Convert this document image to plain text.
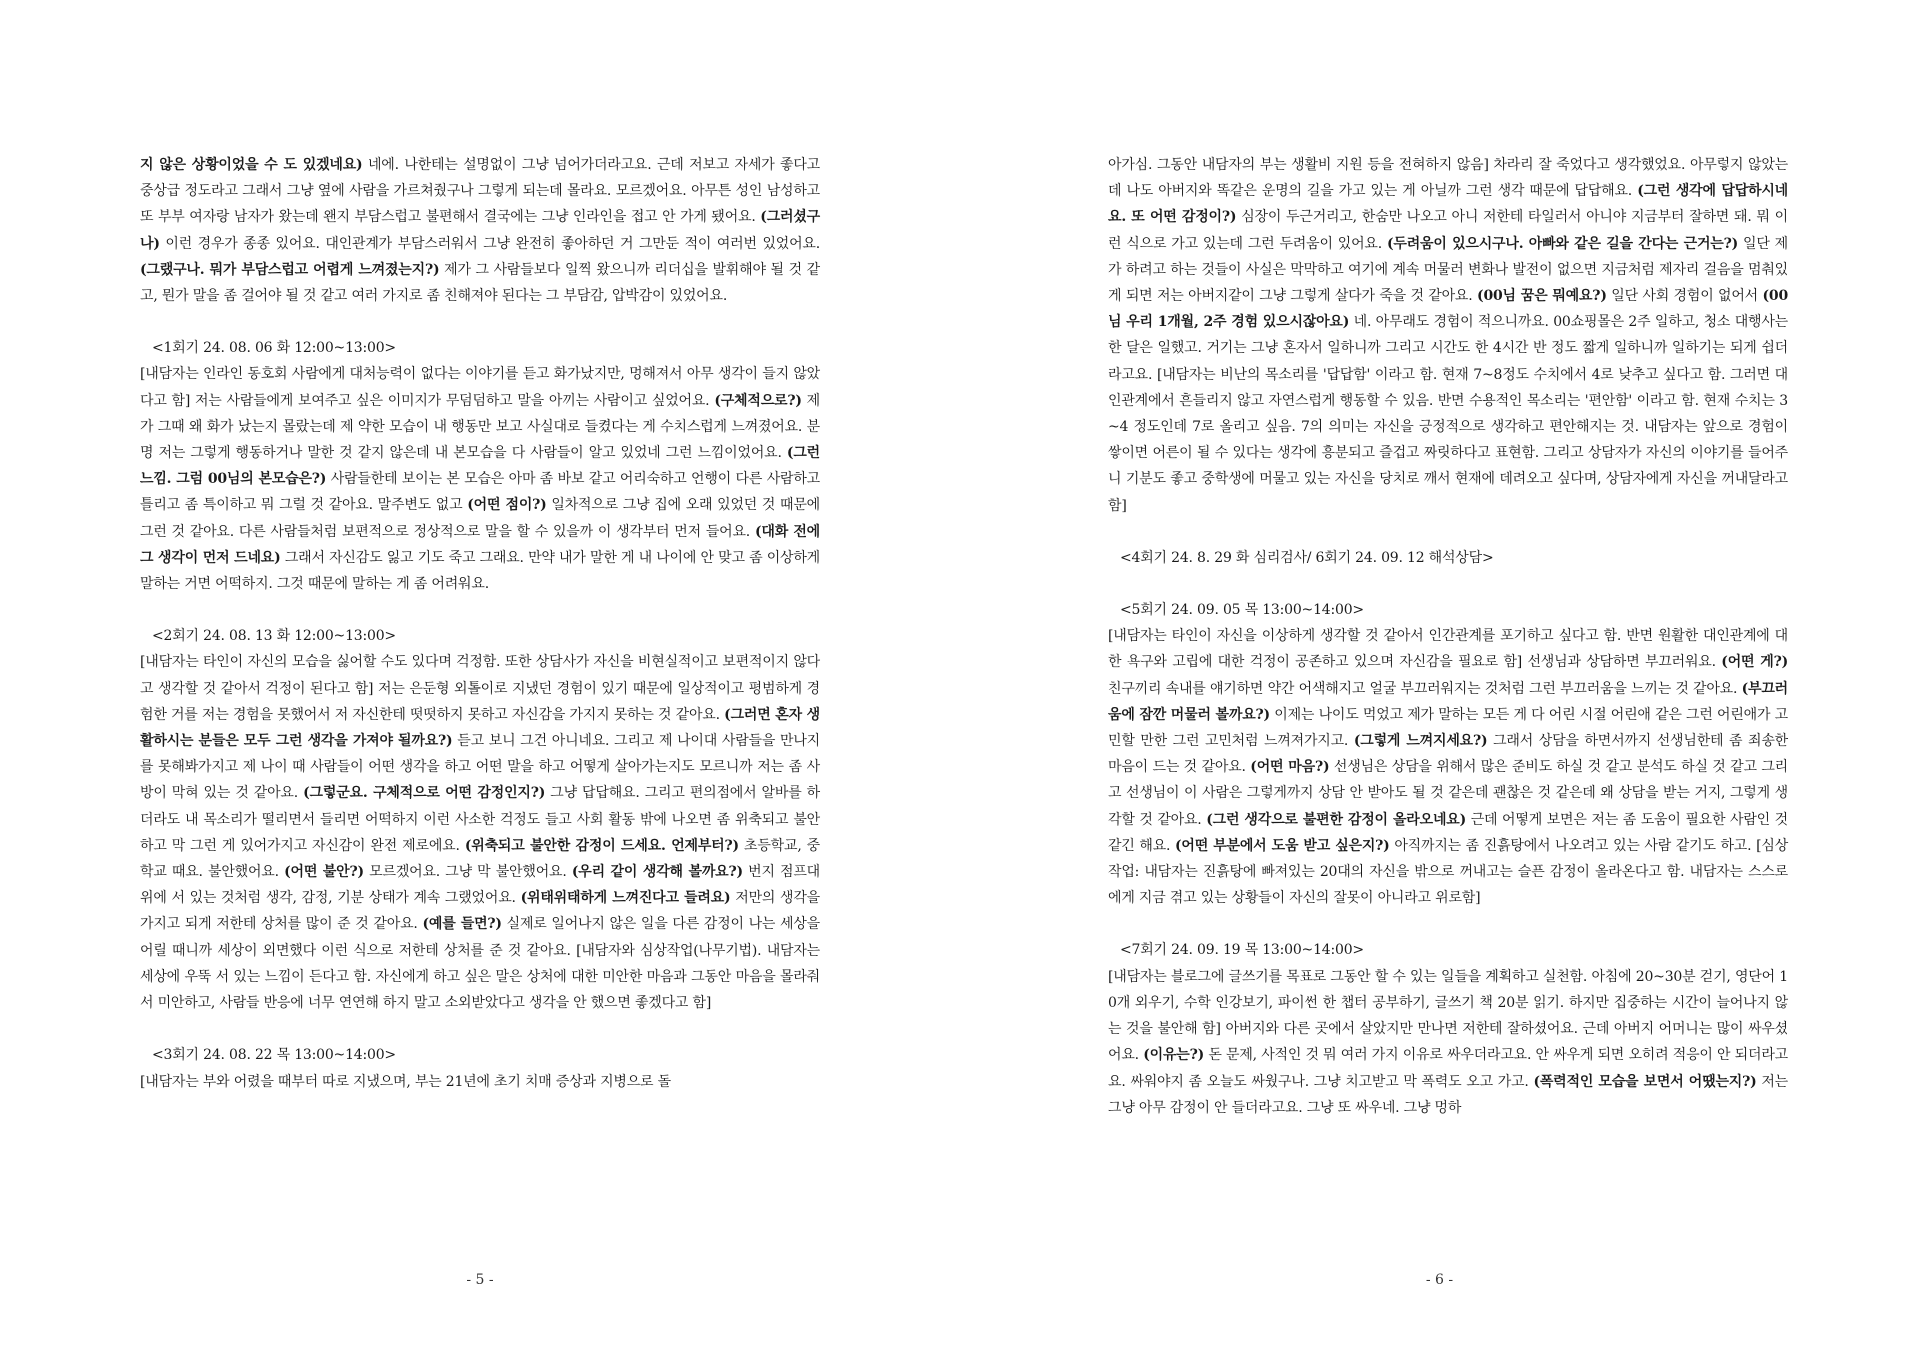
지 않은 상황이었을 수 도 있겠네요) 네에. 나한테는 설명없이 그냥 넘어가더라고요. 근데 저보고 자세가 좋다고 중상급 정도라고 그래서 그냥 옆에 사람을 가르쳐줬구나 그렇게 되는데 몰라요. 모르겠어요. 아무튼 성인 남성하고 또 부부 여자랑 남자가 왔는데 왠지 부담스럽고 불편해서 결국에는 그냥 인라인을 접고 안 가게 됐어요. (그러셨구나) 이런 경우가 종종 있어요. 대인관계가 부담스러워서 그냥 완전히 좋아하던 거 그만둔 적이 여러번 있었어요. (그랬구나. 뭐가 부담스럽고 어렵게 느껴졌는지?) 제가 그 사람들보다 일찍 왔으니까 리더십을 발휘해야 될 것 같고, 뭔가 말을 좀 걸어야 될 것 같고 여러 가지로 좀 친해져야 된다는 그 부담감, 압박감이 있었어요.

<1회기 24. 08. 06 화 12:00~13:00>

[내담자는 인라인 동호회 사람에게 대처능력이 없다는 이야기를 듣고 화가났지만, 멍해져서 아무 생각이 들지 않았다고 함] 저는 사람들에게 보여주고 싶은 이미지가 무덤덤하고 말을 아끼는 사람이고 싶었어요. (구체적으로?) 제가 그때 왜 화가 났는지 몰랐는데 제 약한 모습이 내 행동만 보고 사실대로 들켰다는 게 수치스럽게 느껴졌어요. 분명 저는 그렇게 행동하거나 말한 것 같지 않은데 내 본모습을 다 사람들이 알고 있었네 그런 느낌이었어요. (그런 느낌. 그럼 00님의 본모습은?) 사람들한테 보이는 본 모습은 아마 좀 바보 같고 어리숙하고 언행이 다른 사람하고 틀리고 좀 특이하고 뭐 그럴 것 같아요. 말주변도 없고 (어떤 점이?) 일차적으로 그냥 집에 오래 있었던 것 때문에 그런 것 같아요. 다른 사람들처럼 보편적으로 정상적으로 말을 할 수 있을까 이 생각부터 먼저 들어요. (대화 전에 그 생각이 먼저 드네요) 그래서 자신감도 잃고 기도 죽고 그래요. 만약 내가 말한 게 내 나이에 안 맞고 좀 이상하게 말하는 거면 어떡하지. 그것 때문에 말하는 게 좀 어려워요.

<2회기 24. 08. 13 화 12:00~13:00>

[내담자는 타인이 자신의 모습을 싫어할 수도 있다며 걱정함. 또한 상담사가 자신을 비현실적이고 보편적이지 않다고 생각할 것 같아서 걱정이 된다고 함] 저는 은둔형 외톨이로 지냈던 경험이 있기 때문에 일상적이고 평범하게 경험한 거를 저는 경험을 못했어서 저 자신한테 떳떳하지 못하고 자신감을 가지지 못하는 것 같아요. (그러면 혼자 생활하시는 분들은 모두 그런 생각을 가져야 될까요?) 듣고 보니 그건 아니네요. 그리고 제 나이대 사람들을 만나지를 못해봐가지고 제 나이 때 사람들이 어떤 생각을 하고 어떤 말을 하고 어떻게 살아가는지도 모르니까 저는 좀 사방이 막혀 있는 것 같아요. (그렇군요. 구체적으로 어떤 감정인지?) 그냥 답답해요. 그리고 편의점에서 알바를 하더라도 내 목소리가 떨리면서 들리면 어떡하지 이런 사소한 걱정도 들고 사회 활동 밖에 나오면 좀 위축되고 불안하고 막 그런 게 있어가지고 자신감이 완전 제로에요. (위축되고 불안한 감정이 드세요. 언제부터?) 초등학교, 중학교 때요. 불안했어요. (어떤 불안?) 모르겠어요. 그냥 막 불안했어요. (우리 같이 생각해 볼까요?) 번지 점프대 위에 서 있는 것처럼 생각, 감정, 기분 상태가 계속 그랬었어요. (위태위태하게 느껴진다고 들려요) 저만의 생각을 가지고 되게 저한테 상처를 많이 준 것 같아요. (예를 들면?) 실제로 일어나지 않은 일을 다른 감정이 나는 세상을 어릴 때니까 세상이 외면했다 이런 식으로 저한테 상처를 준 것 같아요. [내담자와 심상작업(나무기법). 내담자는 세상에 우뚝 서 있는 느낌이 든다고 함. 자신에게 하고 싶은 말은 상처에 대한 미안한 마음과 그동안 마음을 몰라줘서 미안하고, 사람들 반응에 너무 연연해 하지 말고 소외받았다고 생각을 안 했으면 좋겠다고 함]

<3회기 24. 08. 22 목 13:00~14:00>

[내담자는 부와 어렸을 때부터 따로 지냈으며, 부는 21년에 초기 치매 증상과 지병으로 돌

- 5 -

아가심. 그동안 내담자의 부는 생활비 지원 등을 전혀하지 않음] 차라리 잘 죽었다고 생각했었요. 아무렇지 않았는데 나도 아버지와 똑같은 운명의 길을 가고 있는 게 아닐까 그런 생각 때문에 답답해요. (그런 생각에 답답하시네요. 또 어떤 감정이?) 심장이 두근거리고, 한숨만 나오고 아니 저한테 타일러서 아니야 지금부터 잘하면 돼. 뭐 이런 식으로 가고 있는데 그런 두려움이 있어요. (두려움이 있으시구나. 아빠와 같은 길을 간다는 근거는?) 일단 제가 하려고 하는 것들이 사실은 막막하고 여기에 계속 머물러 변화나 발전이 없으면 지금처럼 제자리 걸음을 멈춰있게 되면 저는 아버지같이 그냥 그렇게 살다가 죽을 것 같아요. (00님 꿈은 뭐예요?) 일단 사회 경험이 없어서 (00님 우리 1개월, 2주 경험 있으시잖아요) 네. 아무래도 경험이 적으니까요. 00쇼핑몰은 2주 일하고, 청소 대행사는 한 달은 일했고. 거기는 그냥 혼자서 일하니까 그리고 시간도 한 4시간 반 정도 짧게 일하니까 일하기는 되게 쉽더라고요. [내담자는 비난의 목소리를 '답답함' 이라고 함. 현재 7~8정도 수치에서 4로 낮추고 싶다고 함. 그러면 대인관계에서 흔들리지 않고 자연스럽게 행동할 수 있음. 반면 수용적인 목소리는 '편안함' 이라고 함. 현재 수치는 3~4 정도인데 7로 올리고 싶음. 7의 의미는 자신을 긍정적으로 생각하고 편안해지는 것. 내담자는 앞으로 경험이 쌓이면 어른이 될 수 있다는 생각에 흥분되고 즐겁고 짜릿하다고 표현함. 그리고 상담자가 자신의 이야기를 들어주니 기분도 좋고 중학생에 머물고 있는 자신을 당치로 깨서 현재에 데려오고 싶다며, 상담자에게 자신을 꺼내달라고 함]

<4회기 24. 8. 29 화 심리검사/ 6회기 24. 09. 12 해석상담>

<5회기 24. 09. 05 목 13:00~14:00>

[내담자는 타인이 자신을 이상하게 생각할 것 같아서 인간관계를 포기하고 싶다고 함. 반면 원활한 대인관계에 대한 욕구와 고립에 대한 걱정이 공존하고 있으며 자신감을 필요로 함] 선생님과 상담하면 부끄러워요. (어떤 게?) 친구끼리 속내를 얘기하면 약간 어색해지고 얼굴 부끄러워지는 것처럼 그런 부끄러움을 느끼는 것 같아요. (부끄러움에 잠깐 머물러 볼까요?) 이제는 나이도 먹었고 제가 말하는 모든 게 다 어린 시절 어린애 같은 그런 어린애가 고민할 만한 그런 고민처럼 느껴져가지고. (그렇게 느껴지세요?) 그래서 상담을 하면서까지 선생님한테 좀 죄송한 마음이 드는 것 같아요. (어떤 마음?) 선생님은 상담을 위해서 많은 준비도 하실 것 같고 분석도 하실 것 같고 그리고 선생님이 이 사람은 그렇게까지 상담 안 받아도 될 것 같은데 괜찮은 것 같은데 왜 상담을 받는 거지, 그렇게 생각할 것 같아요. (그런 생각으로 불편한 감정이 올라오네요) 근데 어떻게 보면은 저는 좀 도움이 필요한 사람인 것 같긴 해요. (어떤 부분에서 도움 받고 싶은지?) 아직까지는 좀 진흙탕에서 나오려고 있는 사람 같기도 하고. [심상작업: 내담자는 진흙탕에 빠져있는 20대의 자신을 밖으로 꺼내고는 슬픈 감정이 올라온다고 함. 내담자는 스스로에게 지금 겪고 있는 상황들이 자신의 잘못이 아니라고 위로함]

<7회기 24. 09. 19 목 13:00~14:00>

[내담자는 블로그에 글쓰기를 목표로 그동안 할 수 있는 일들을 계획하고 실천함. 아침에 20~30분 걷기, 영단어 10개 외우기, 수학 인강보기, 파이썬 한 챕터 공부하기, 글쓰기 책 20분 읽기. 하지만 집중하는 시간이 늘어나지 않는 것을 불안해 함] 아버지와 다른 곳에서 살았지만 만나면 저한테 잘하셨어요. 근데 아버지 어머니는 많이 싸우셨어요. (이유는?) 돈 문제, 사적인 것 뭐 여러 가지 이유로 싸우더라고요. 안 싸우게 되면 오히려 적응이 안 되더라고요. 싸워야지 좀 오늘도 싸웠구나. 그냥 치고받고 막 폭력도 오고 가고. (폭력적인 모습을 보면서 어땠는지?) 저는 그냥 아무 감정이 안 들더라고요. 그냥 또 싸우네. 그냥 멍하

- 6 -
